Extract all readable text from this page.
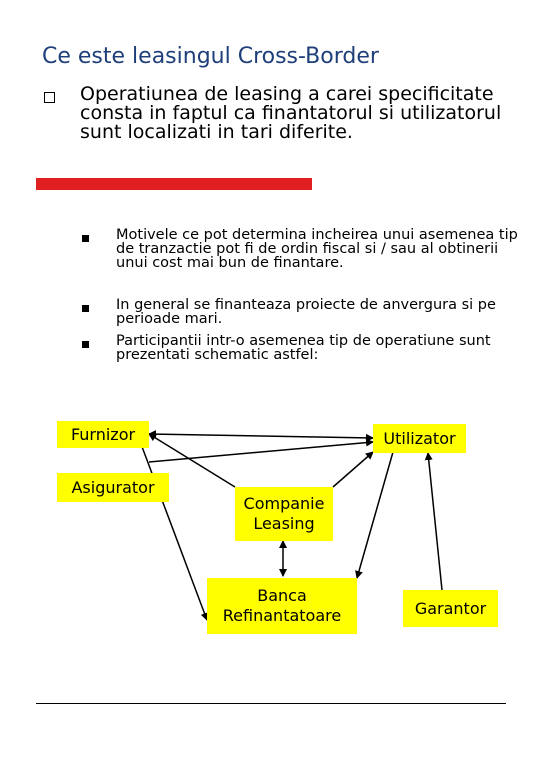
Ce este leasingul Cross-Border
Operatiunea de leasing a carei specificitate consta in faptul ca finantatorul si utilizatorul sunt localizati in tari diferite.
Motivele ce pot determina incheirea unui asemenea tip de tranzactie pot fi de ordin fiscal si / sau al obtinerii unui cost mai bun de finantare.
In general se finanteaza proiecte de anvergura si pe perioade mari.
Participantii intr-o asemenea tip de operatiune sunt prezentati schematic astfel:
Furnizor	Utilizator
Asigurator
Companie
Leasing
Banca
Refinantatoare	Garantor
